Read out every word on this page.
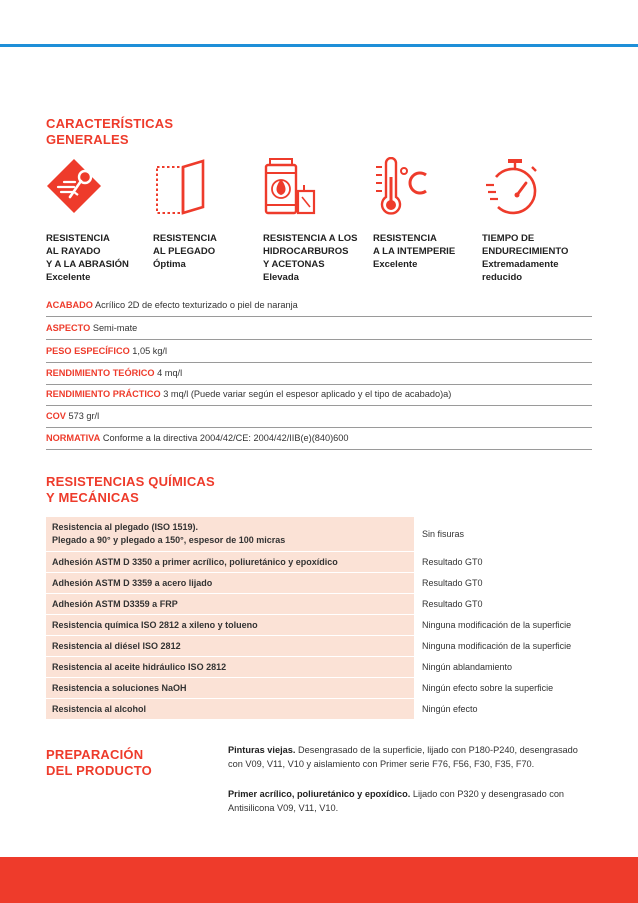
CARACTERÍSTICAS
GENERALES
RESISTENCIA
AL RAYADO
Y A LA ABRASIÓN
Excelente
RESISTENCIA
AL PLEGADO
Óptima
RESISTENCIA A LOS
HIDROCARBUROS
Y ACETONAS
Elevada
RESISTENCIA
A LA INTEMPERIE
Excelente
TIEMPO DE
ENDURECIMIENTO
Extremadamente
reducido
ACABADO Acrílico 2D de efecto texturizado o piel de naranja
ASPECTO Semi-mate
PESO ESPECÍFICO 1,05 kg/l
RENDIMIENTO TEÓRICO 4 mq/l
RENDIMIENTO PRÁCTICO 3 mq/l (Puede variar según el espesor aplicado y el tipo de acabado)a)
COV 573 gr/l
NORMATIVA Conforme a la directiva 2004/42/CE: 2004/42/IIB(e)(840)600
RESISTENCIAS QUÍMICAS
Y MECÁNICAS
Resistencia al plegado (ISO 1519).
Plegado a 90° y plegado a 150°, espesor de 100 micras	Sin fisuras
Adhesión ASTM D 3350 a primer acrílico, poliuretánico y epoxídico	Resultado GT0
Adhesión ASTM D 3359 a acero lijado	Resultado GT0
Adhesión ASTM D3359 a FRP	Resultado GT0
Resistencia química ISO 2812 a xileno y tolueno	Ninguna modificación de la superficie
Resistencia al diésel ISO 2812	Ninguna modificación de la superficie
Resistencia al aceite hidráulico ISO 2812	Ningún ablandamiento
Resistencia a soluciones NaOH	Ningún efecto sobre la superficie
Resistencia al alcohol	Ningún efecto
PREPARACIÓN
DEL PRODUCTO
Pinturas viejas. Desengrasado de la superficie, lijado con P180-P240, desengrasado con V09, V11, V10 y aislamiento con Primer serie F76, F56, F30, F35, F70.
Primer acrílico, poliuretánico y epoxídico. Lijado con P320 y desengrasado con Antisilicona V09, V11, V10.
